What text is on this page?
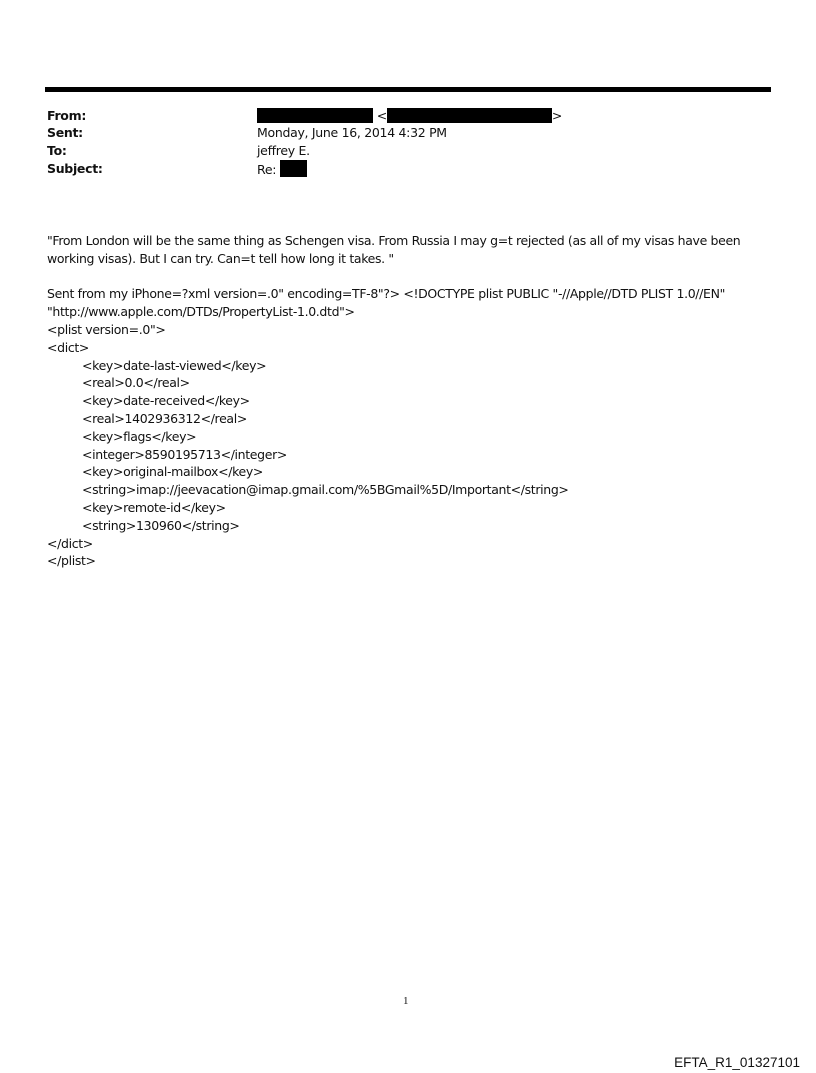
From:	<	>
Sent:	Monday, June 16, 2014 4:32 PM
To:	jeffrey E.
Subject:	Re:

"From London will be the same thing as Schengen visa. From Russia I may g=t rejected (as all of my visas have been

working visas). But I can try. Can=t tell how long it takes. "

Sent from my iPhone=?xml version=.0" encoding=TF-8"?> <!DOCTYPE plist PUBLIC "-//Apple//DTD PLIST 1.0//EN"

"http://www.apple.com/DTDs/PropertyList-1.0.dtd">

<plist version=.0">

<dict>

<key>date-last-viewed</key>

<real>0.0</real>

<key>date-received</key>

<real>1402936312</real>

<key>flags</key>

<integer>8590195713</integer>

<key>original-mailbox</key>

<string>imap://jeevacation@imap.gmail.com/%5BGmail%5D/Important</string>

<key>remote-id</key>

<string>130960</string>

</dict>

</plist>

1
EFTA_R1_01327101
